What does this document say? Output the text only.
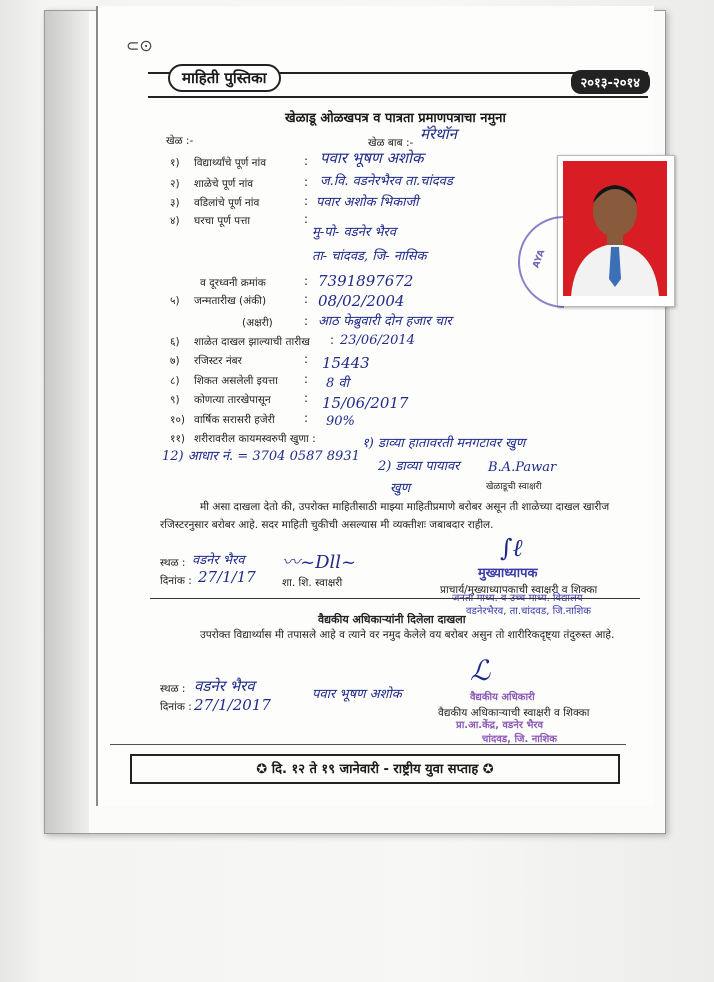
⊂⊙
माहिती पुस्तिका	२०१३-२०१४
खेळाडू ओळखपत्र व पात्रता प्रमाणपत्राचा नमुना
खेळ :-	खेळ बाब :- मॅरेथॉन
१) विद्यार्थ्यांचे पूर्ण नांव	: पवार भूषण अशोक
२) शाळेचे पूर्ण नांव	: ज.वि. वडनेरभैरव ता.चांदवड
३) वडिलांचे पूर्ण नांव	: पवार अशोक भिकाजी
४) घरचा पूर्ण पत्ता	:
मु-पो- वडनेर भैरव
ता- चांदवड, जि- नासिक	AYA
व दूरध्वनी क्रमांक	: 7391897672
५) जन्मतारीख (अंकी)	: 08/02/2004
(अक्षरी)	: आठ फेब्रुवारी दोन हजार चार
६) शाळेत दाखल झाल्याची तारीख : 23/06/2014
७) रजिस्टर नंबर	: 15443
८) शिकत असलेली इयत्ता : 8 वी
९) कोणत्या तारखेपासून	: 15/06/2017
१०) वार्षिक सरासरी हजेरी : 90%
११) शरीरावरील कायमस्वरुपी खुणा :	१) डाव्या हातावरती मनगटावर खुण
12) आधार नं. = 3704 0587 8931
2) डाव्या पायावर B.A.Pawar
खुण	खेळाडूची स्वाक्षरी
मी असा दाखला देतो की, उपरोक्त माहितीसाठी माझ्या माहितीप्रमाणे बरोबर असून ती शाळेच्या दाखल खारीज रजिस्टरनुसार बरोबर आहे. सदर माहिती चुकीची असल्यास मी व्यक्तीशः जबाबदार राहील.
स्थळ : वडनेर भैरव 〰~Dll~
दिनांक : 27/1/17 शा. शि. स्वाक्षरी
∫ℓ
मुख्याध्यापक
प्राचार्य/मुख्याध्यापकाची स्वाक्षरी व शिक्का
वडनेरभैरव, ता.चांदवड, जि.नाशिक
वैद्यकीय अधिकाऱ्यांनी दिलेला दाखला
उपरोक्त विद्यार्थ्यास मी तपासले आहे व त्याने वर नमुद केलेले वय बरोबर असुन तो शारीरिकदृष्ट्या तंदुरुस्त आहे.
स्थळ : वडनेर भैरव	पवार भूषण अशोक
दिनांक : 27/1/2017
ℒ
वैद्यकीय अधिकारी
वैद्यकीय अधिकाऱ्याची स्वाक्षरी व शिक्का
प्रा.आ.केंद्र, वडनेर भैरव
चांदवड, जि. नाशिक
✪ दि. १२ ते १९ जानेवारी - राष्ट्रीय युवा सप्ताह ✪
